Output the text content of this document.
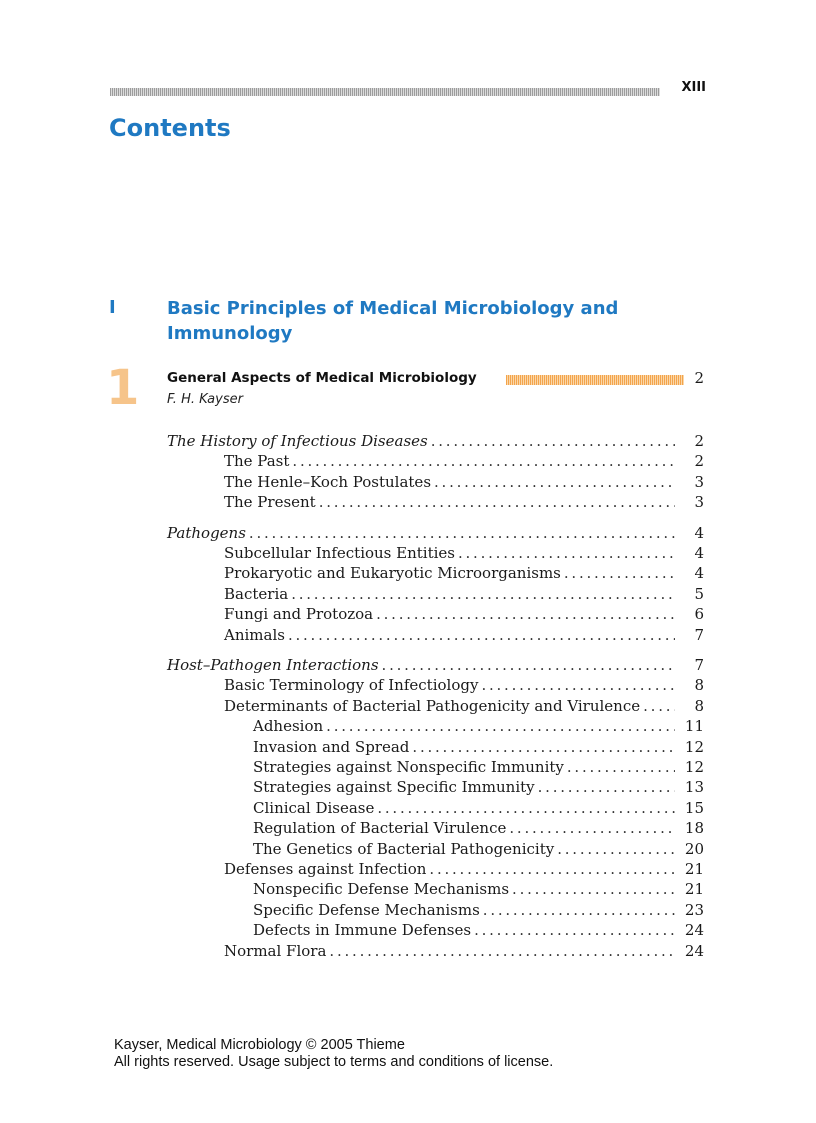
XIII
Contents
I	Basic Principles of Medical Microbiology and Immunology
1 General Aspects of Medical Microbiology	2
F. H. Kayser
The History of Infectious Diseases . . .	2
The Past . . .	2
The Henle–Koch Postulates . . .	3
The Present . . .	3
Pathogens . . .	4
Subcellular Infectious Entities . . .	4
Prokaryotic and Eukaryotic Microorganisms . . .	4
Bacteria . . .	5
Fungi and Protozoa . . .	6
Animals . . .	7
Host–Pathogen Interactions . . .	7
Basic Terminology of Infectiology . . .	8
Determinants of Bacterial Pathogenicity and Virulence . . .	8
Adhesion . . .	11
Invasion and Spread . . .	12
Strategies against Nonspecific Immunity . . .	12
Strategies against Specific Immunity . . .	13
Clinical Disease . . .	15
Regulation of Bacterial Virulence . . .	18
The Genetics of Bacterial Pathogenicity . . .	20
Defenses against Infection . . .	21
Nonspecific Defense Mechanisms . . .	21
Specific Defense Mechanisms . . .	23
Defects in Immune Defenses . . .	24
Normal Flora . . .	24
Kayser, Medical Microbiology © 2005 Thieme
All rights reserved. Usage subject to terms and conditions of license.
